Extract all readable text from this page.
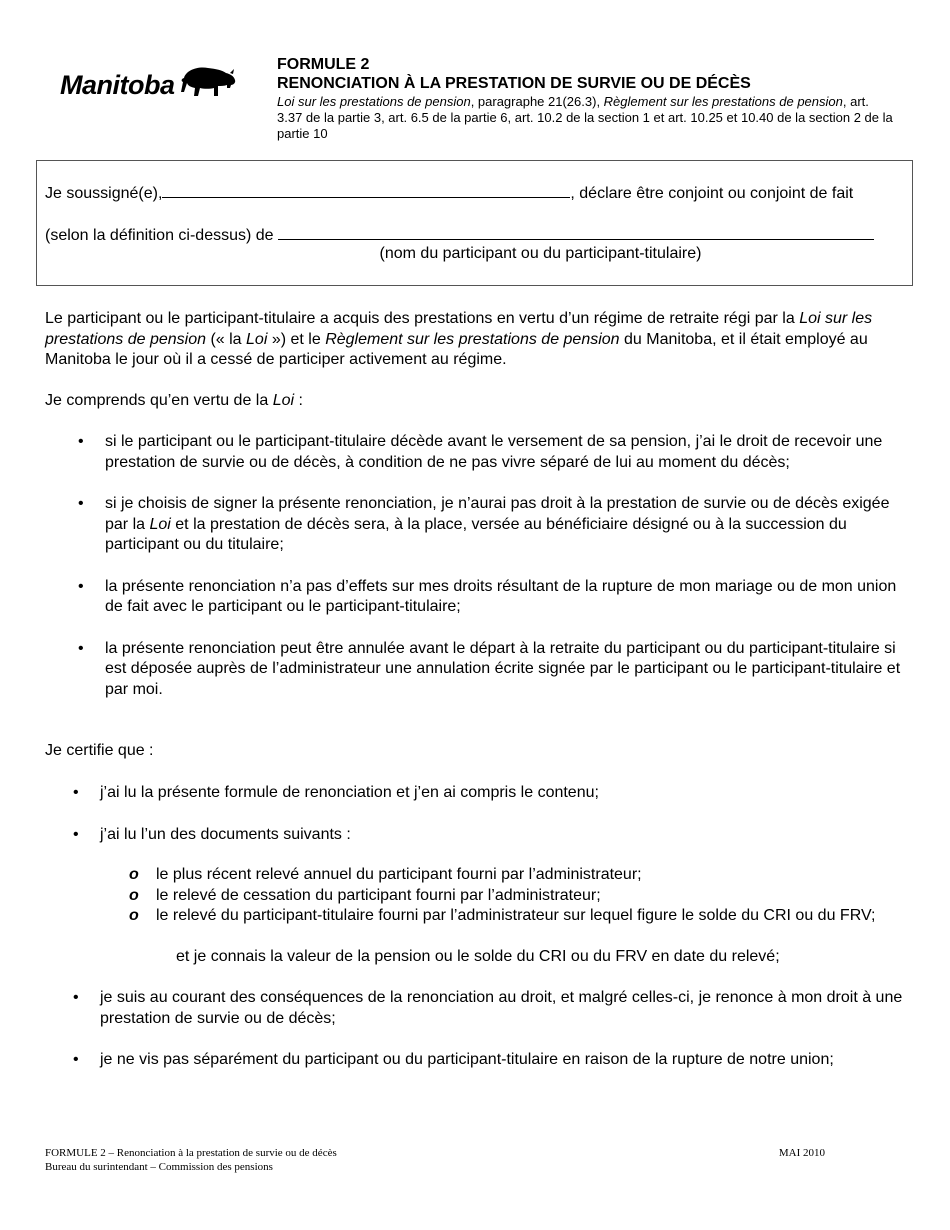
Manitoba
FORMULE 2
RENONCIATION À LA PRESTATION DE SURVIE OU DE DÉCÈS
Loi sur les prestations de pension, paragraphe 21(26.3), Règlement sur les prestations de pension, art. 3.37 de la partie 3, art. 6.5 de la partie 6, art. 10.2 de la section 1 et art. 10.25 et 10.40 de la section 2 de la partie 10
Je soussigné(e),	, déclare être conjoint ou conjoint de fait
(selon la définition ci-dessus) de
(nom du participant ou du participant-titulaire)

Le participant ou le participant-titulaire a acquis des prestations en vertu d’un régime de retraite régi par la Loi sur les prestations de pension (« la Loi ») et le Règlement sur les prestations de pension du Manitoba, et il était employé au Manitoba le jour où il a cessé de participer activement au régime.

Je comprends qu’en vertu de la Loi :

• si le participant ou le participant-titulaire décède avant le versement de sa pension, j’ai le droit de recevoir une prestation de survie ou de décès, à condition de ne pas vivre séparé de lui au moment du décès;
• si je choisis de signer la présente renonciation, je n’aurai pas droit à la prestation de survie ou de décès exigée par la Loi et la prestation de décès sera, à la place, versée au bénéficiaire désigné ou à la succession du participant ou du titulaire;
• la présente renonciation n’a pas d’effets sur mes droits résultant de la rupture de mon mariage ou de mon union de fait avec le participant ou le participant-titulaire;
• la présente renonciation peut être annulée avant le départ à la retraite du participant ou du participant-titulaire si est déposée auprès de l’administrateur une annulation écrite signée par le participant ou le participant-titulaire et par moi.
Je certifie que :
• j’ai lu la présente formule de renonciation et j’en ai compris le contenu;
• j’ai lu l’un des documents suivants :
o le plus récent relevé annuel du participant fourni par l’administrateur;
o le relevé de cessation du participant fourni par l’administrateur;
o le relevé du participant-titulaire fourni par l’administrateur sur lequel figure le solde du CRI ou du FRV;
et je connais la valeur de la pension ou le solde du CRI ou du FRV en date du relevé;
• je suis au courant des conséquences de la renonciation au droit, et malgré celles-ci, je renonce à mon droit à une prestation de survie ou de décès;
• je ne vis pas séparément du participant ou du participant-titulaire en raison de la rupture de notre union;
FORMULE 2 – Renonciation à la prestation de survie ou de décès
Bureau du surintendant – Commission des pensions
MAI 2010
